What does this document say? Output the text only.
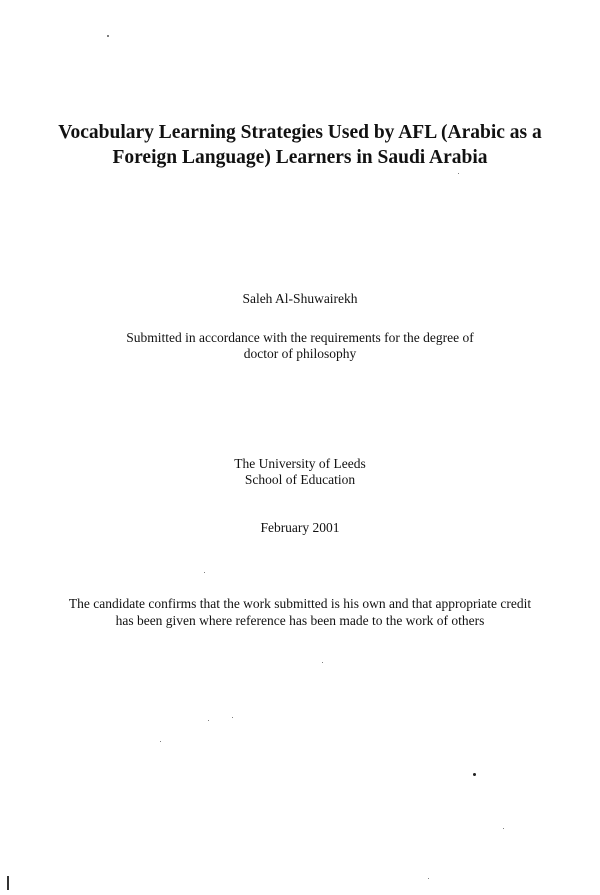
Vocabulary Learning Strategies Used by AFL (Arabic as a
Foreign Language) Learners in Saudi Arabia
Saleh Al-Shuwairekh
Submitted in accordance with the requirements for the degree of
doctor of philosophy
The University of Leeds
School of Education
February 2001
The candidate confirms that the work submitted is his own and that appropriate credit
has been given where reference has been made to the work of others
